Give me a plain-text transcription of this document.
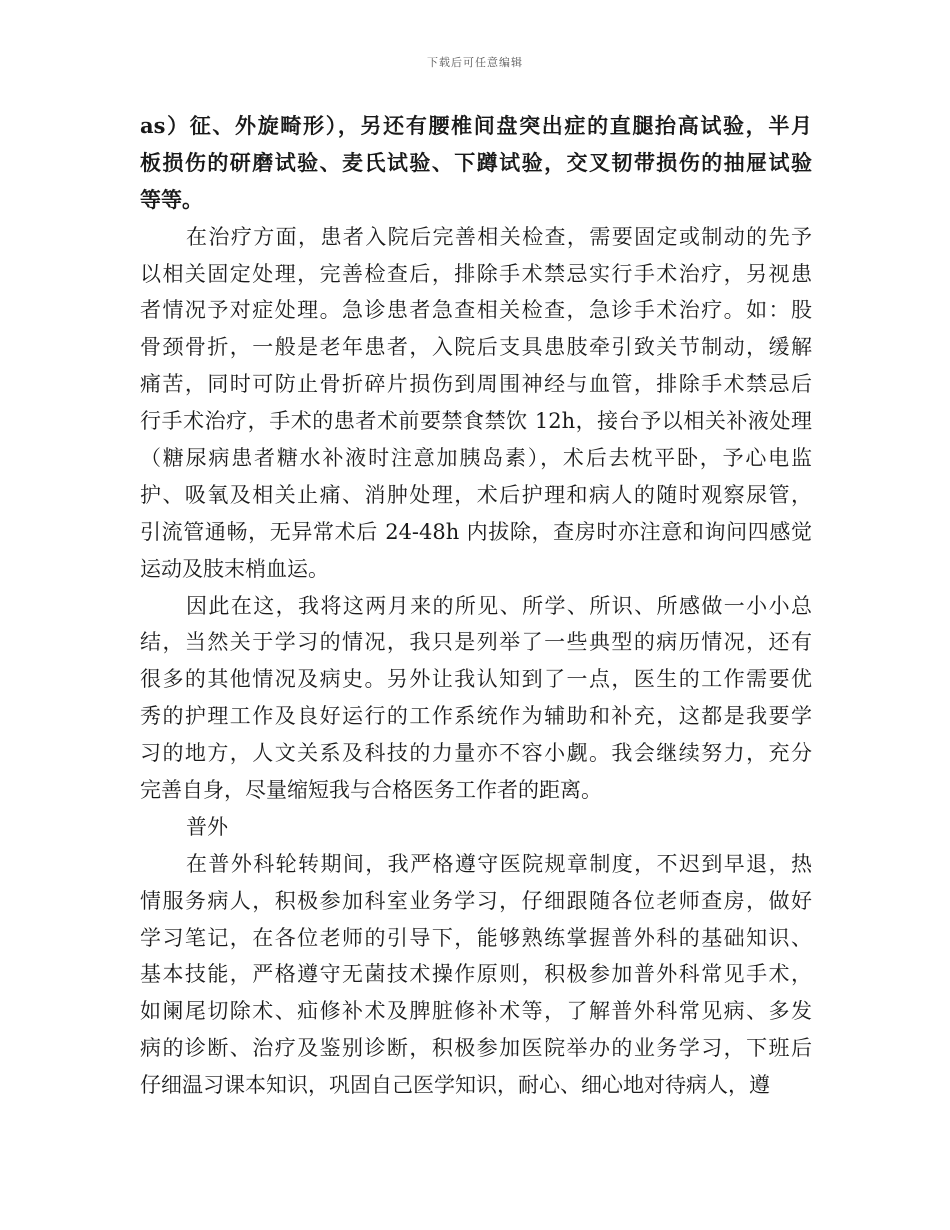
下载后可任意编辑
as）征、外旋畸形），另还有腰椎间盘突出症的直腿抬高试验，半月
板损伤的研磨试验、麦氏试验、下蹲试验，交叉韧带损伤的抽屉试验
等等。
在治疗方面，患者入院后完善相关检查，需要固定或制动的先予
以相关固定处理，完善检查后，排除手术禁忌实行手术治疗，另视患
者情况予对症处理。急诊患者急查相关检查，急诊手术治疗。如：股
骨颈骨折，一般是老年患者，入院后支具患肢牵引致关节制动，缓解
痛苦，同时可防止骨折碎片损伤到周围神经与血管，排除手术禁忌后
行手术治疗，手术的患者术前要禁食禁饮 12h，接台予以相关补液处理
（糖尿病患者糖水补液时注意加胰岛素），术后去枕平卧，予心电监
护、吸氧及相关止痛、消肿处理，术后护理和病人的随时观察尿管，
引流管通畅，无异常术后 24-48h 内拔除，查房时亦注意和询问四感觉
运动及肢末梢血运。
因此在这，我将这两月来的所见、所学、所识、所感做一小小总
结，当然关于学习的情况，我只是列举了一些典型的病历情况，还有
很多的其他情况及病史。另外让我认知到了一点，医生的工作需要优
秀的护理工作及良好运行的工作系统作为辅助和补充，这都是我要学
习的地方，人文关系及科技的力量亦不容小觑。我会继续努力，充分
完善自身，尽量缩短我与合格医务工作者的距离。
普外
在普外科轮转期间，我严格遵守医院规章制度，不迟到早退，热
情服务病人，积极参加科室业务学习，仔细跟随各位老师查房，做好
学习笔记，在各位老师的引导下，能够熟练掌握普外科的基础知识、
基本技能，严格遵守无菌技术操作原则，积极参加普外科常见手术，
如阑尾切除术、疝修补术及脾脏修补术等，了解普外科常见病、多发
病的诊断、治疗及鉴别诊断，积极参加医院举办的业务学习，下班后
仔细温习课本知识，巩固自己医学知识，耐心、细心地对待病人，遵
